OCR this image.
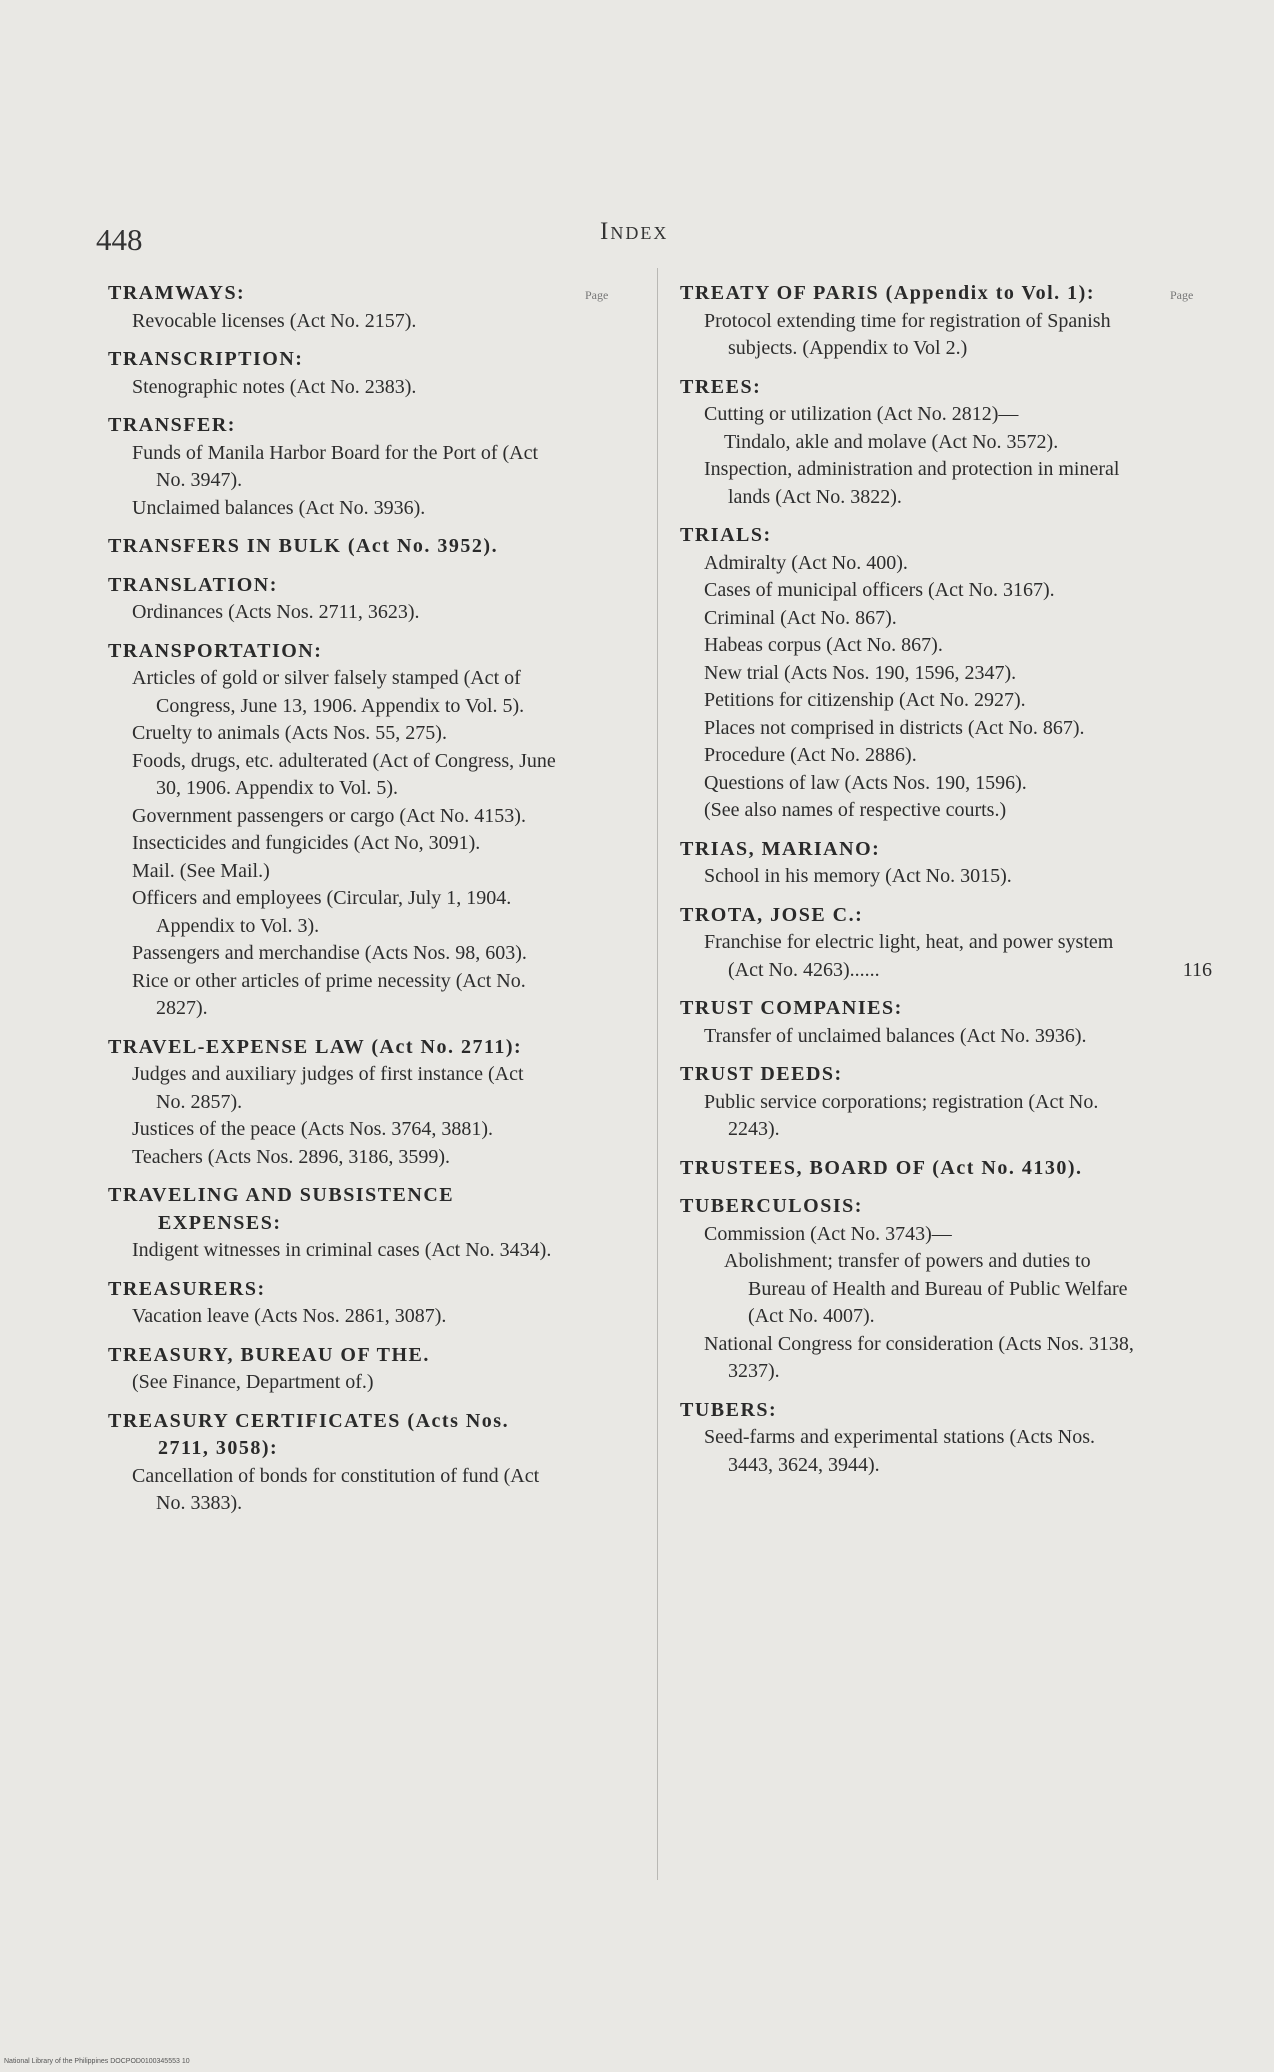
448	Index
Page	Page
TRAMWAYS:
Revocable licenses (Act No. 2157).
TRANSCRIPTION:
Stenographic notes (Act No. 2383).
TRANSFER:
Funds of Manila Harbor Board for the Port of (Act No. 3947).
Unclaimed balances (Act No. 3936).
TRANSFERS IN BULK (Act No. 3952).
TRANSLATION:
Ordinances (Acts Nos. 2711, 3623).
TRANSPORTATION:
Articles of gold or silver falsely stamped (Act of Congress, June 13, 1906. Appendix to Vol. 5).
Cruelty to animals (Acts Nos. 55, 275).
Foods, drugs, etc. adulterated (Act of Congress, June 30, 1906. Appendix to Vol. 5).
Government passengers or cargo (Act No. 4153).
Insecticides and fungicides (Act No, 3091).
Mail. (See Mail.)
Officers and employees (Circular, July 1, 1904. Appendix to Vol. 3).
Passengers and merchandise (Acts Nos. 98, 603).
Rice or other articles of prime necessity (Act No. 2827).
TRAVEL-EXPENSE LAW (Act No. 2711):
Judges and auxiliary judges of first instance (Act No. 2857).
Justices of the peace (Acts Nos. 3764, 3881).
Teachers (Acts Nos. 2896, 3186, 3599).
TRAVELING AND SUBSISTENCE EXPENSES:
Indigent witnesses in criminal cases (Act No. 3434).
TREASURERS:
Vacation leave (Acts Nos. 2861, 3087).
TREASURY, BUREAU OF THE.
(See Finance, Department of.)
TREASURY CERTIFICATES (Acts Nos. 2711, 3058):
Cancellation of bonds for constitution of fund (Act No. 3383).
TREATY OF PARIS (Appendix to Vol. 1):
Protocol extending time for registration of Spanish subjects. (Appendix to Vol 2.)
TREES:
Cutting or utilization (Act No. 2812)—
Tindalo, akle and molave (Act No. 3572).
Inspection, administration and protection in mineral lands (Act No. 3822).
TRIALS:
Admiralty (Act No. 400).
Cases of municipal officers (Act No. 3167).
Criminal (Act No. 867).
Habeas corpus (Act No. 867).
New trial (Acts Nos. 190, 1596, 2347).
Petitions for citizenship (Act No. 2927).
Places not comprised in districts (Act No. 867).
Procedure (Act No. 2886).
Questions of law (Acts Nos. 190, 1596).
(See also names of respective courts.)
TRIAS, MARIANO:
School in his memory (Act No. 3015).
TROTA, JOSE C.:
Franchise for electric light, heat, and power system (Act No. 4263)......	116
TRUST COMPANIES:
Transfer of unclaimed balances (Act No. 3936).
TRUST DEEDS:
Public service corporations; registration (Act No. 2243).
TRUSTEES, BOARD OF (Act No. 4130).
TUBERCULOSIS:
Commission (Act No. 3743)—
Abolishment; transfer of powers and duties to Bureau of Health and Bureau of Public Welfare (Act No. 4007).
National Congress for consideration (Acts Nos. 3138, 3237).
TUBERS:
Seed-farms and experimental stations (Acts Nos. 3443, 3624, 3944).
National Library of the Philippines DOCPOD0100345553 10
